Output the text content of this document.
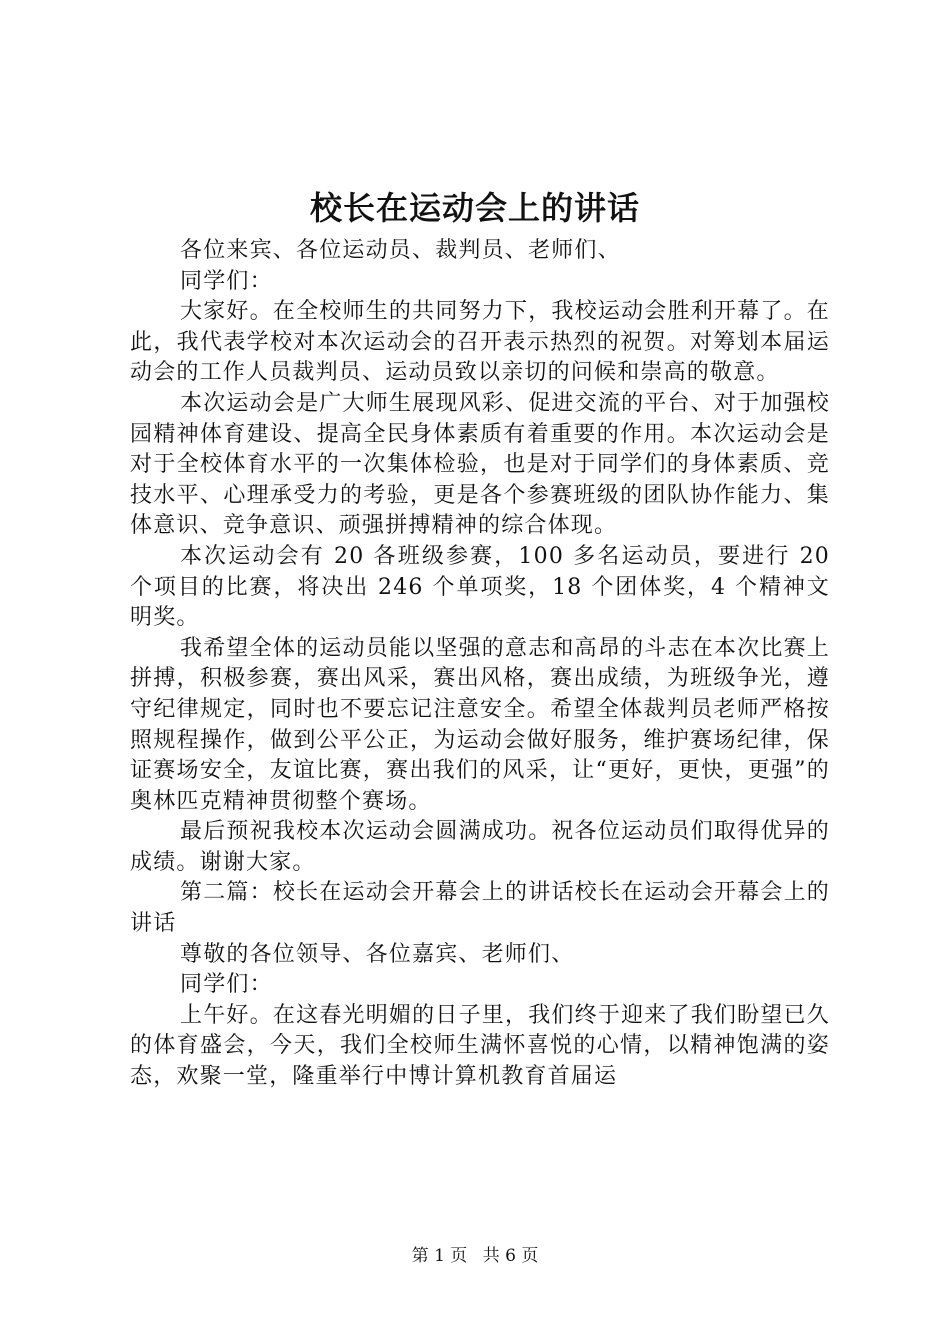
校长在运动会上的讲话

各位来宾、各位运动员、裁判员、老师们、

同学们：

大家好。在全校师生的共同努力下，我校运动会胜利开幕了。在此，我代表学校对本次运动会的召开表示热烈的祝贺。对筹划本届运动会的工作人员裁判员、运动员致以亲切的问候和崇高的敬意。

本次运动会是广大师生展现风彩、促进交流的平台、对于加强校园精神体育建设、提高全民身体素质有着重要的作用。本次运动会是对于全校体育水平的一次集体检验，也是对于同学们的身体素质、竞技水平、心理承受力的考验，更是各个参赛班级的团队协作能力、集体意识、竞争意识、顽强拼搏精神的综合体现。

本次运动会有 20 各班级参赛，100 多名运动员，要进行 20 个项目的比赛，将决出 246 个单项奖，18 个团体奖，4 个精神文明奖。

我希望全体的运动员能以坚强的意志和高昂的斗志在本次比赛上拼搏，积极参赛，赛出风采，赛出风格，赛出成绩，为班级争光，遵守纪律规定，同时也不要忘记注意安全。希望全体裁判员老师严格按照规程操作，做到公平公正，为运动会做好服务，维护赛场纪律，保证赛场安全，友谊比赛，赛出我们的风采，让“更好，更快，更强”的奥林匹克精神贯彻整个赛场。

最后预祝我校本次运动会圆满成功。祝各位运动员们取得优异的成绩。谢谢大家。

第二篇：校长在运动会开幕会上的讲话校长在运动会开幕会上的讲话

尊敬的各位领导、各位嘉宾、老师们、

同学们：

上午好。在这春光明媚的日子里，我们终于迎来了我们盼望已久的体育盛会，今天，我们全校师生满怀喜悦的心情，以精神饱满的姿态，欢聚一堂，隆重举行中博计算机教育首届运

第 1 页 共 6 页
